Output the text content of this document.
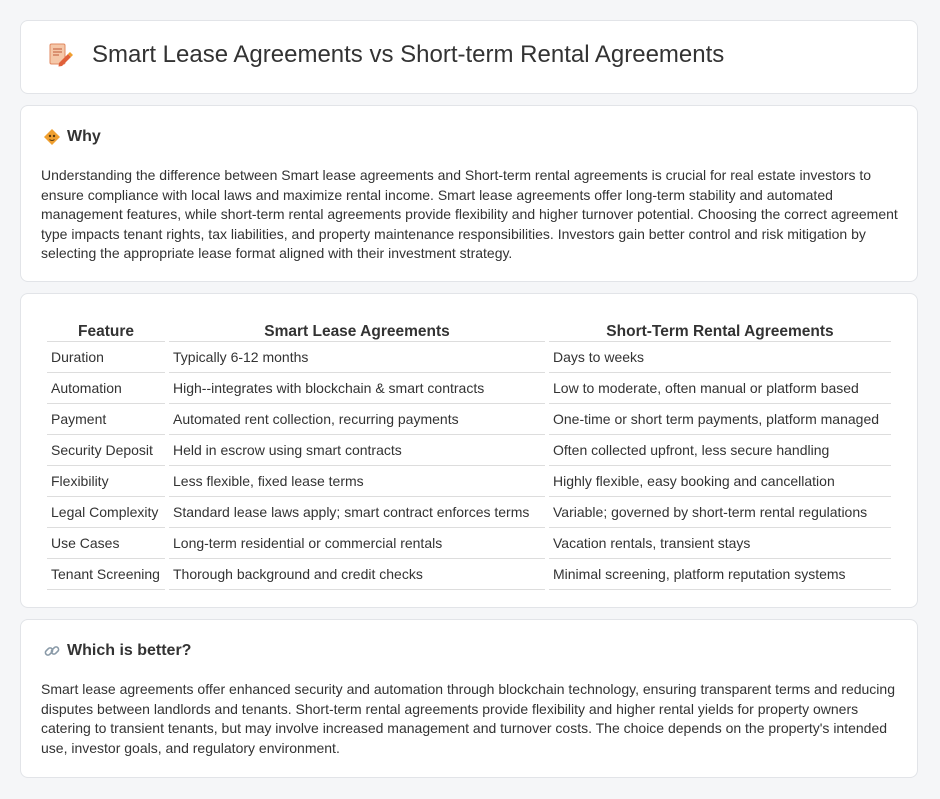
Smart Lease Agreements vs Short-term Rental Agreements
Why

Understanding the difference between Smart lease agreements and Short-term rental agreements is crucial for real estate investors to ensure compliance with local laws and maximize rental income. Smart lease agreements offer long-term stability and automated management features, while short-term rental agreements provide flexibility and higher turnover potential. Choosing the correct agreement type impacts tenant rights, tax liabilities, and property maintenance responsibilities. Investors gain better control and risk mitigation by selecting the appropriate lease format aligned with their investment strategy.

Feature	Smart Lease Agreements	Short-Term Rental Agreements
Duration	Typically 6-12 months	Days to weeks
Automation	High--integrates with blockchain & smart contracts	Low to moderate, often manual or platform based
Payment	Automated rent collection, recurring payments	One-time or short term payments, platform managed
Security Deposit	Held in escrow using smart contracts	Often collected upfront, less secure handling
Flexibility	Less flexible, fixed lease terms	Highly flexible, easy booking and cancellation
Legal Complexity	Standard lease laws apply; smart contract enforces terms	Variable; governed by short-term rental regulations
Use Cases	Long-term residential or commercial rentals	Vacation rentals, transient stays
Tenant Screening	Thorough background and credit checks	Minimal screening, platform reputation systems
Which is better?

Smart lease agreements offer enhanced security and automation through blockchain technology, ensuring transparent terms and reducing disputes between landlords and tenants. Short-term rental agreements provide flexibility and higher rental yields for property owners catering to transient tenants, but may involve increased management and turnover costs. The choice depends on the property's intended use, investor goals, and regulatory environment.
